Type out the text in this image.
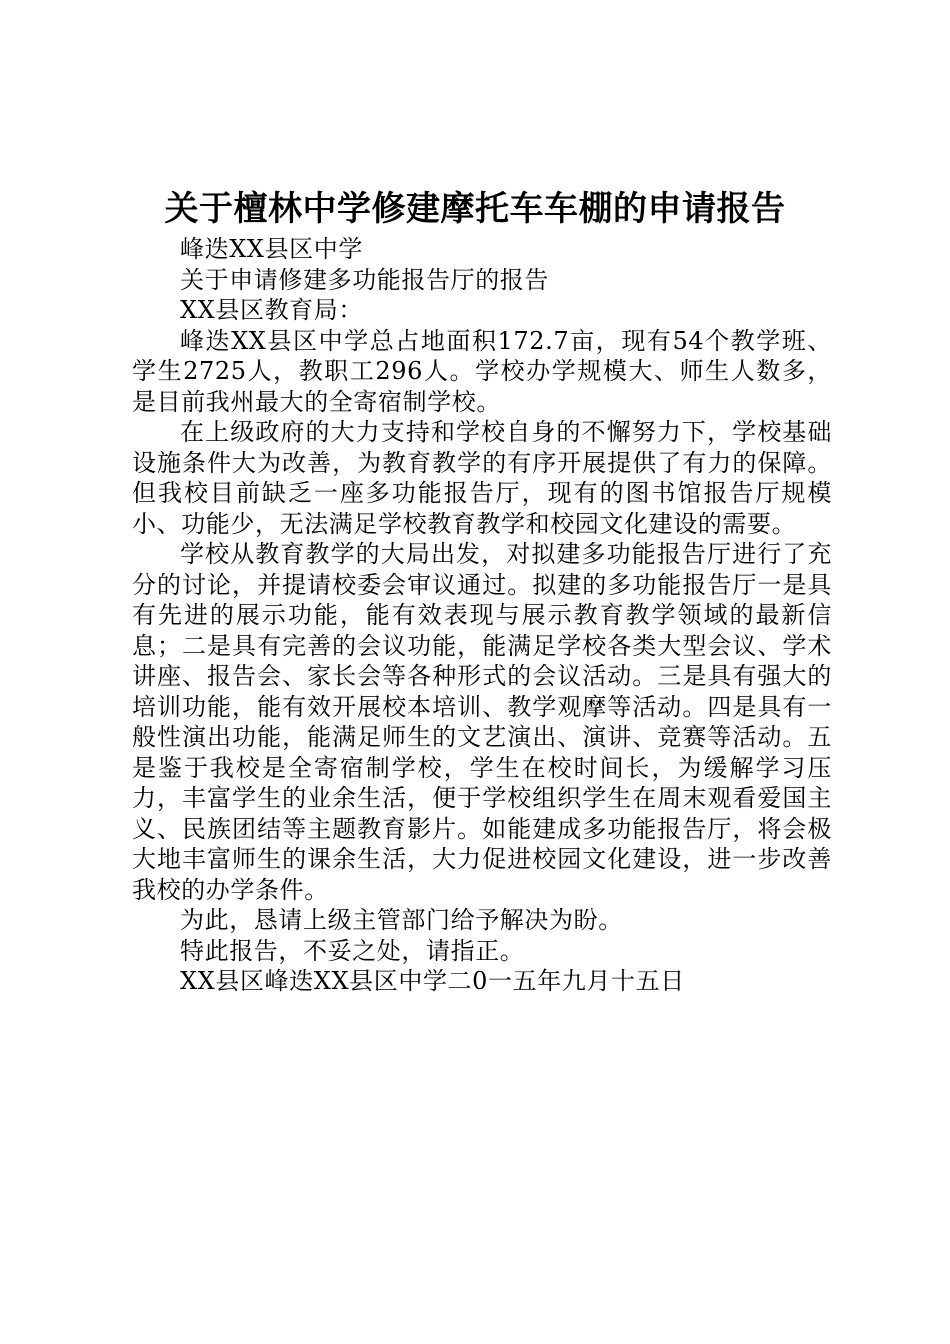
关于檀林中学修建摩托车车棚的申请报告

峰迭XX县区中学

关于申请修建多功能报告厅的报告

XX县区教育局：

峰迭XX县区中学总占地面积172.7亩，现有54个教学班、学生2725人，教职工296人。学校办学规模大、师生人数多，是目前我州最大的全寄宿制学校。

在上级政府的大力支持和学校自身的不懈努力下，学校基础设施条件大为改善，为教育教学的有序开展提供了有力的保障。但我校目前缺乏一座多功能报告厅，现有的图书馆报告厅规模小、功能少，无法满足学校教育教学和校园文化建设的需要。

学校从教育教学的大局出发，对拟建多功能报告厅进行了充分的讨论，并提请校委会审议通过。拟建的多功能报告厅一是具有先进的展示功能，能有效表现与展示教育教学领域的最新信息；二是具有完善的会议功能，能满足学校各类大型会议、学术讲座、报告会、家长会等各种形式的会议活动。三是具有强大的培训功能，能有效开展校本培训、教学观摩等活动。四是具有一般性演出功能，能满足师生的文艺演出、演讲、竞赛等活动。五是鉴于我校是全寄宿制学校，学生在校时间长，为缓解学习压力，丰富学生的业余生活，便于学校组织学生在周末观看爱国主义、民族团结等主题教育影片。如能建成多功能报告厅，将会极大地丰富师生的课余生活，大力促进校园文化建设，进一步改善我校的办学条件。

为此，恳请上级主管部门给予解决为盼。

特此报告，不妥之处，请指正。

XX县区峰迭XX县区中学二0一五年九月十五日
